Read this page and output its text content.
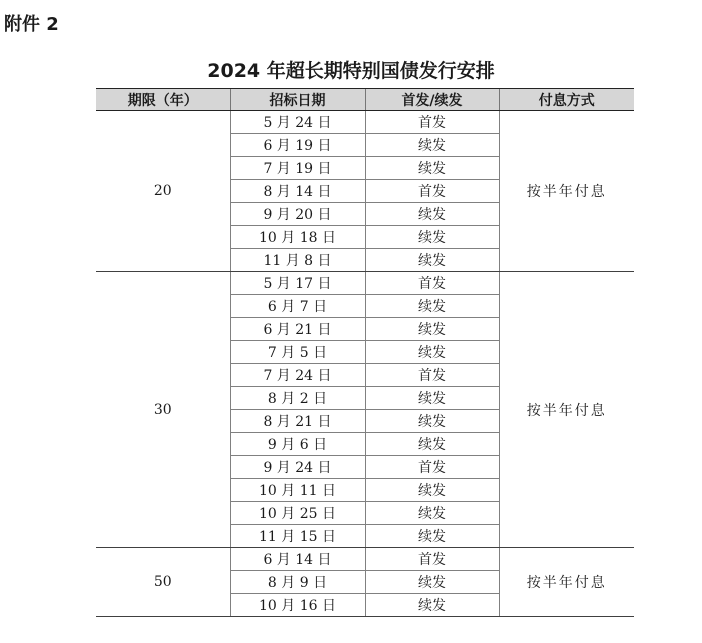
附件 2
2024 年超长期特别国债发行安排
期限（年）	招标日期	首发/续发	付息方式
20	5 月 24 日	首发	按半年付息
	6 月 19 日	续发	
	7 月 19 日	续发	
	8 月 14 日	首发	
	9 月 20 日	续发	
	10 月 18 日	续发	
	11 月 8 日	续发	
30	5 月 17 日	首发	按半年付息
	6 月 7 日	续发	
	6 月 21 日	续发	
	7 月 5 日	续发	
	7 月 24 日	首发	
	8 月 2 日	续发	
	8 月 21 日	续发	
	9 月 6 日	续发	
	9 月 24 日	首发	
	10 月 11 日	续发	
	10 月 25 日	续发	
	11 月 15 日	续发	
50	6 月 14 日	首发	按半年付息
	8 月 9 日	续发	
	10 月 16 日	续发	
